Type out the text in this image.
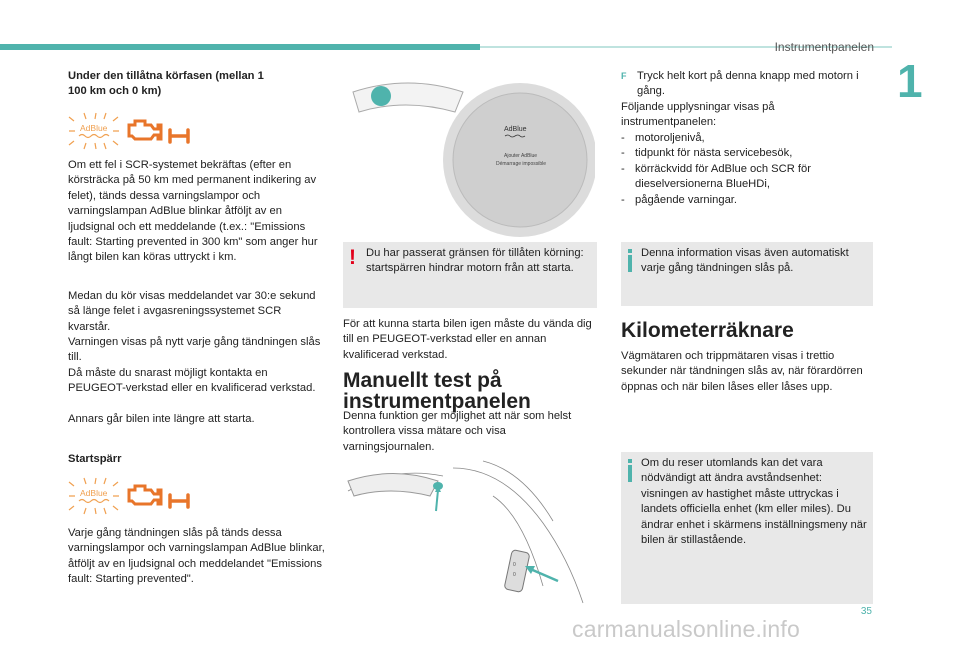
Instrumentpanelen
1
Under den tillåtna körfasen (mellan 1 100 km och 0 km)
AdBlue

Om ett fel i SCR-systemet bekräftas (efter en körsträcka på 50 km med permanent indikering av felet), tänds dessa varningslampor och varningslampan AdBlue blinkar åtföljt av en ljudsignal och ett meddelande (t.ex.: "Emissions fault: Starting prevented in 300 km" som anger hur långt bilen kan köras uttryckt i km.

Medan du kör visas meddelandet var 30:e sekund så länge felet i avgasreningssystemet SCR kvarstår.

Varningen visas på nytt varje gång tändningen slås till.

Då måste du snarast möjligt kontakta en PEUGEOT-verkstad eller en kvalificerad verkstad.

Annars går bilen inte längre att starta.

Startspärr
AdBlue

Varje gång tändningen slås på tänds dessa varningslampor och varningslampan AdBlue blinkar, åtföljt av en ljudsignal och meddelandet "Emissions fault: Starting prevented".

AdBlue
Ajouter AdBlue
Démarrage impossible
! Du har passerat gränsen för tillåten körning: startspärren hindrar motorn från att starta.

För att kunna starta bilen igen måste du vända dig till en PEUGEOT-verkstad eller en annan kvalificerad verkstad.

Manuellt test på instrumentpanelen

Denna funktion ger möjlighet att när som helst kontrollera vissa mätare och visa varningsjournalen.

0
0
F Tryck helt kort på denna knapp med motorn i gång.

Följande upplysningar visas på instrumentpanelen:

- motoroljenivå,
- tidpunkt för nästa servicebesök,
- körräckvidd för AdBlue och SCR för dieselversionerna BlueHDi,
- pågående varningar.

Denna information visas även automatiskt varje gång tändningen slås på.

Kilometerräknare

Vägmätaren och trippmätaren visas i trettio sekunder när tändningen slås av, när förardörren öppnas och när bilen låses eller låses upp.

Om du reser utomlands kan det vara nödvändigt att ändra avståndsenhet: visningen av hastighet måste uttryckas i landets officiella enhet (km eller miles). Du ändrar enhet i skärmens inställningsmeny när bilen är stillastående.

35
carmanualsonline.info
